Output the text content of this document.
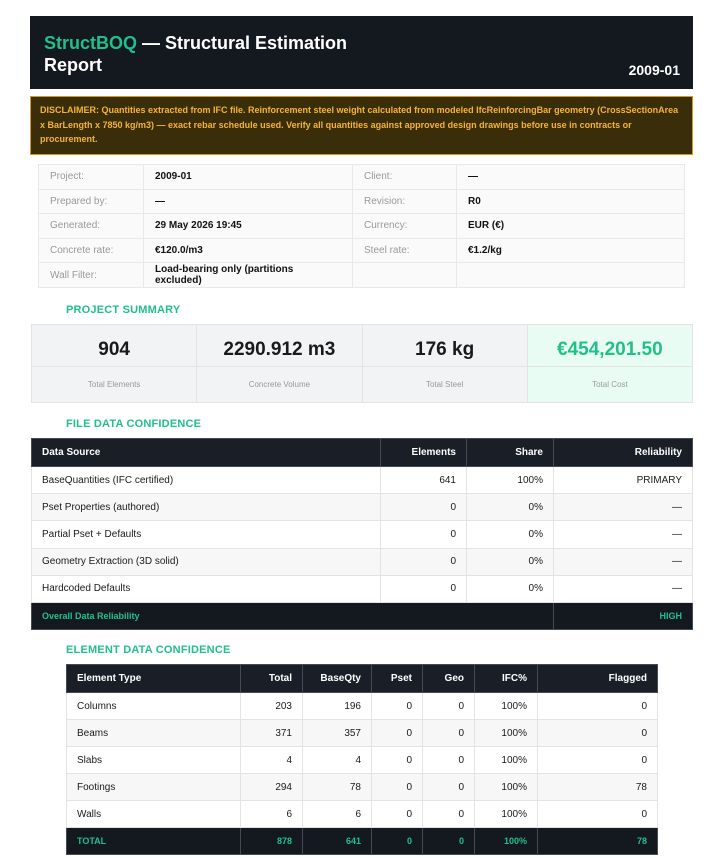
StructBOQ — Structural Estimation Report	2009-01
DISCLAIMER: Quantities extracted from IFC file. Reinforcement steel weight calculated from modeled IfcReinforcingBar geometry (CrossSectionArea x BarLength x 7850 kg/m3) — exact rebar schedule used. Verify all quantities against approved design drawings before use in contracts or procurement.
Project:	2009-01	Client:	—
Prepared by:	—	Revision:	R0
Generated:	29 May 2026 19:45	Currency:	EUR (€)
Concrete rate:	€120.0/m3	Steel rate:	€1.2/kg
Wall Filter:	Load-bearing only (partitions excluded)		
PROJECT SUMMARY
904
Total Elements
2290.912 m3
Concrete Volume
176 kg
Total Steel
€454,201.50
Total Cost
FILE DATA CONFIDENCE
Data Source	Elements	Share	Reliability
BaseQuantities (IFC certified)	641	100%	PRIMARY
Pset Properties (authored)	0	0%	—
Partial Pset + Defaults	0	0%	—
Geometry Extraction (3D solid)	0	0%	—
Hardcoded Defaults	0	0%	—
Overall Data Reliability			HIGH
ELEMENT DATA CONFIDENCE
Element Type	Total	BaseQty	Pset	Geo	IFC%	Flagged
Columns	203	196	0	0	100%	0
Beams	371	357	0	0	100%	0
Slabs	4	4	0	0	100%	0
Footings	294	78	0	0	100%	78
Walls	6	6	0	0	100%	0
TOTAL	878	641	0	0	100%	78
